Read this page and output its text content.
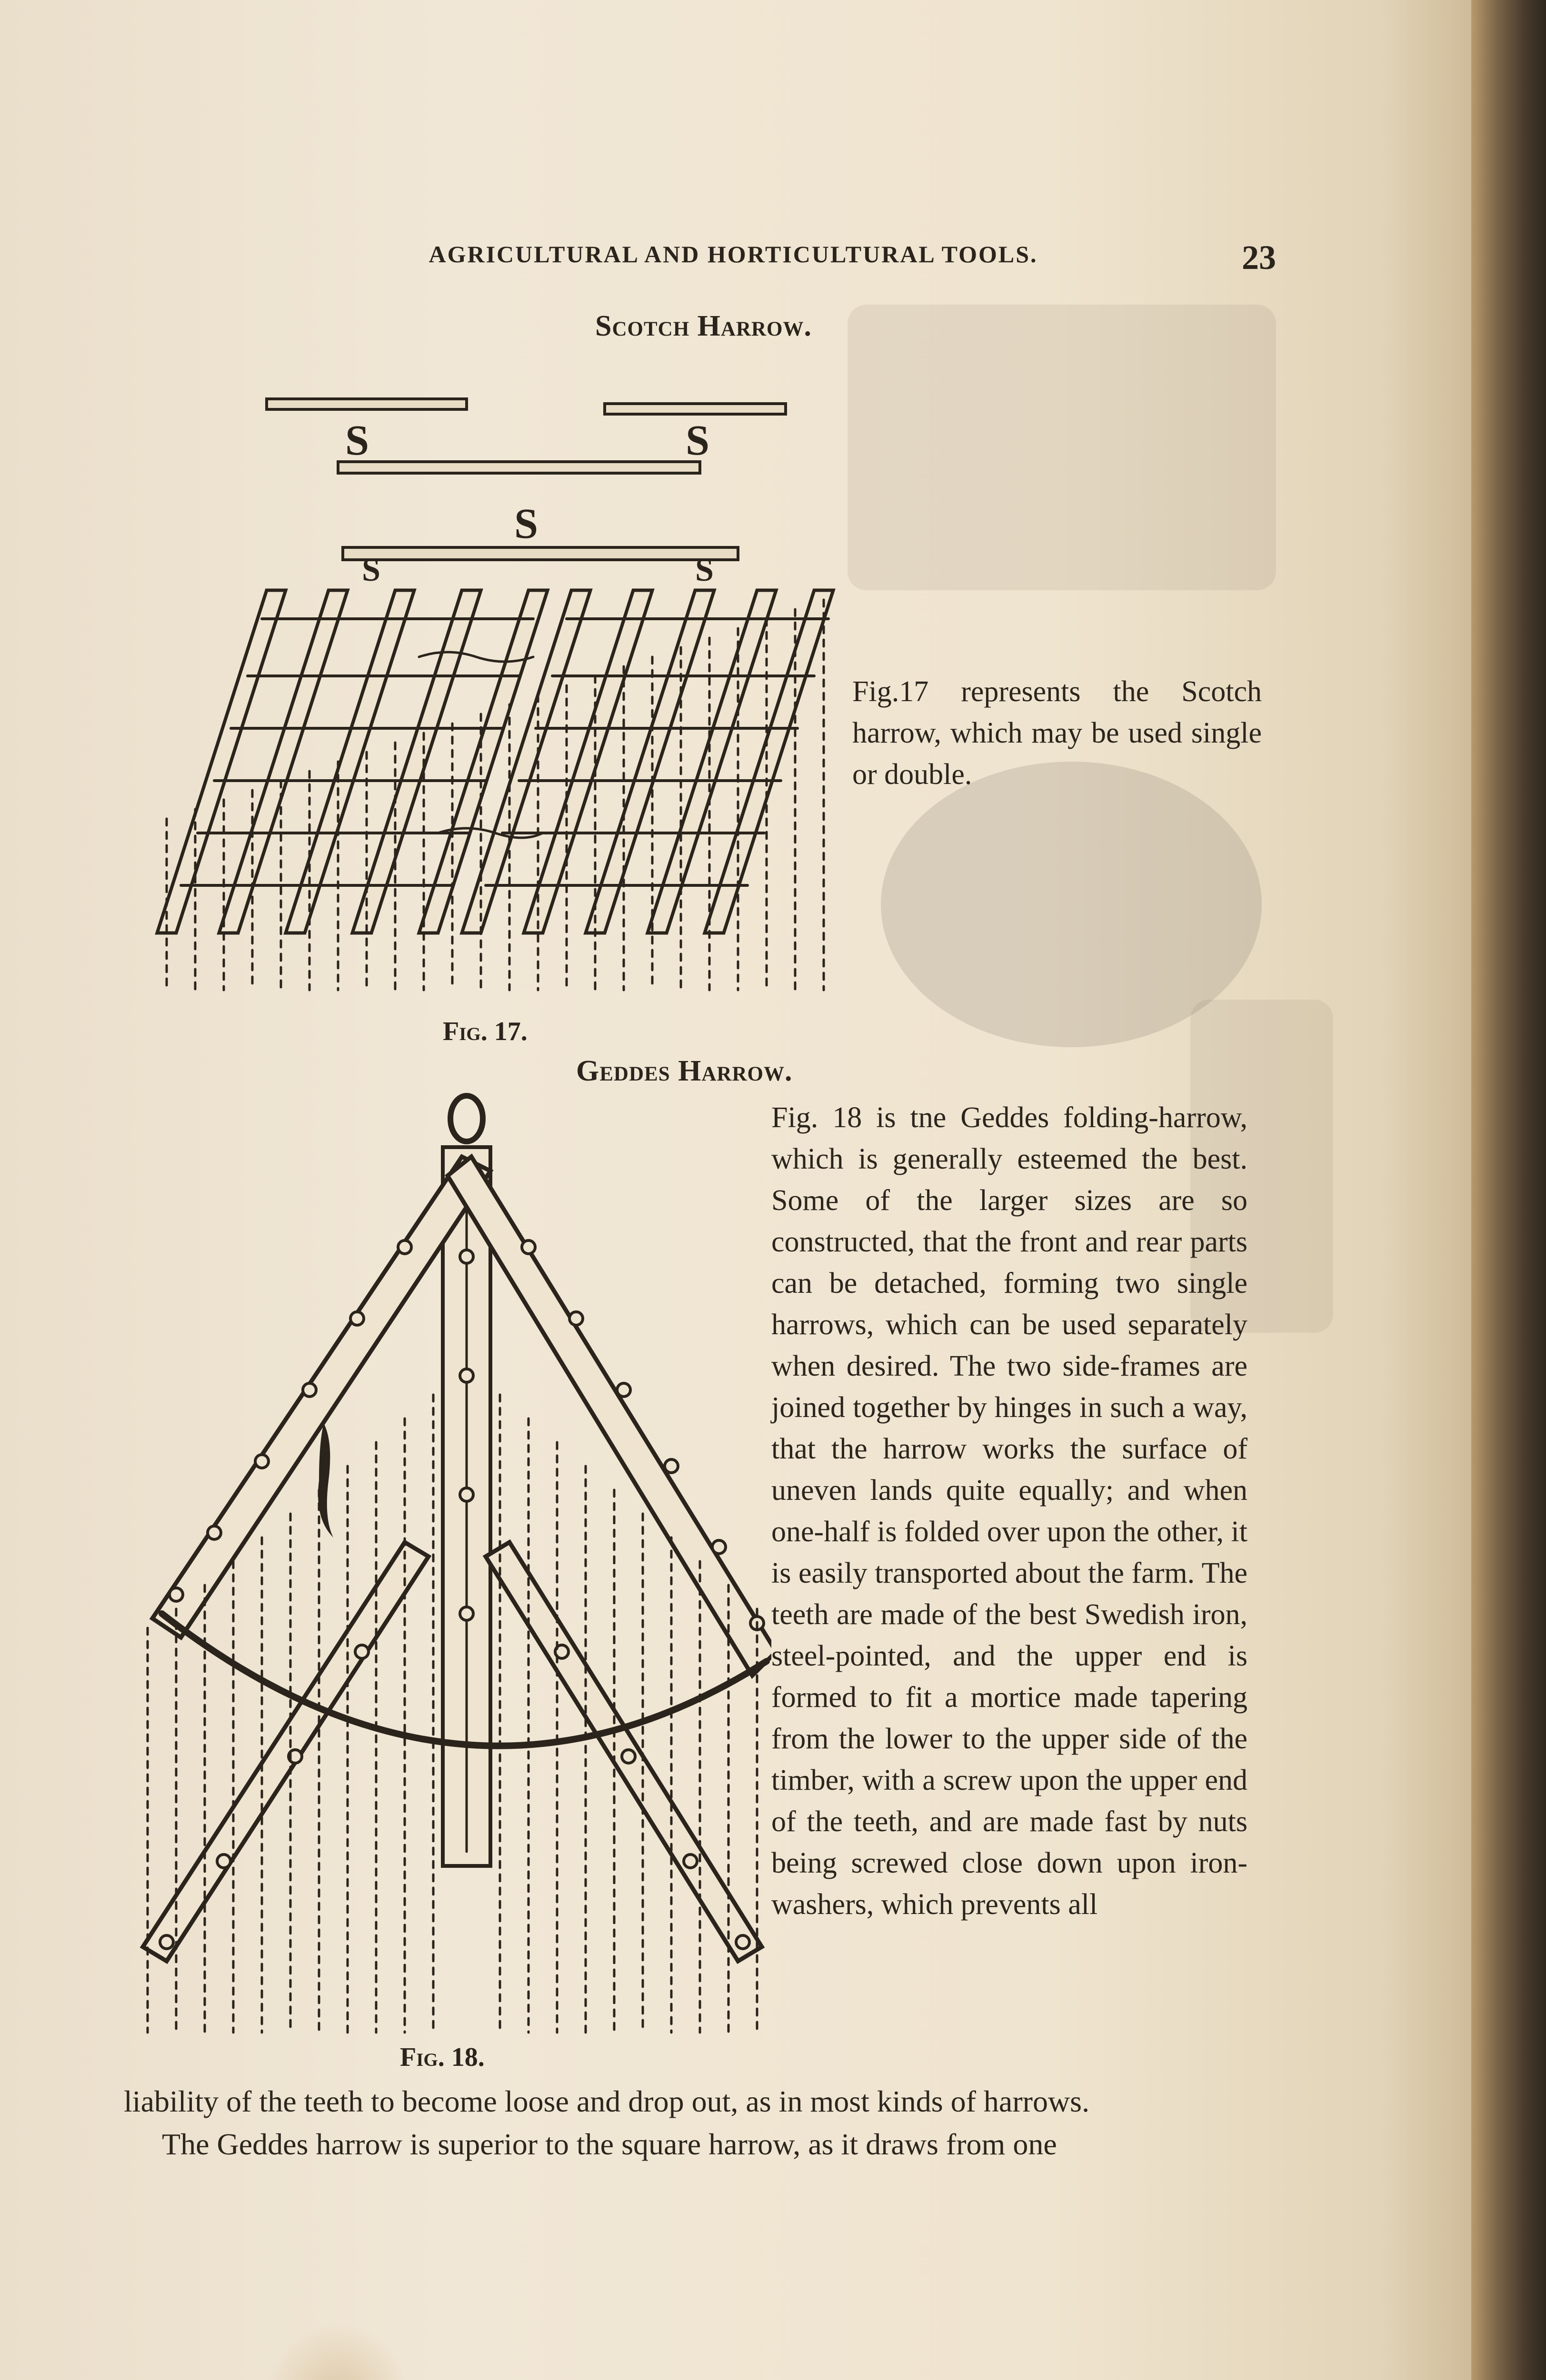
AGRICULTURAL AND HORTICULTURAL TOOLS.	23
Scotch Harrow.
S	S
S
S	S
Fig.17 represents the Scotch harrow, which may be used single or double.
Fig. 17.
Geddes Harrow.
Fig. 18 is tne Geddes folding-harrow, which is generally esteemed the best. Some of the larger sizes are so constructed, that the front and rear parts can be detached, forming two single harrows, which can be used separately when desired. The two side-frames are joined together by hinges in such a way, that the harrow works the surface of uneven lands quite equally; and when one-half is folded over upon the other, it is easily transported about the farm. The teeth are made of the best Swedish iron, steel-pointed, and the upper end is formed to fit a mortice made tapering from the lower to the upper side of the timber, with a screw upon the upper end of the teeth, and are made fast by nuts being screwed close down upon iron-washers, which prevents all
Fig. 18.
liability of the teeth to become loose and drop out, as in most kinds of harrows.
The Geddes harrow is superior to the square harrow, as it draws from one
